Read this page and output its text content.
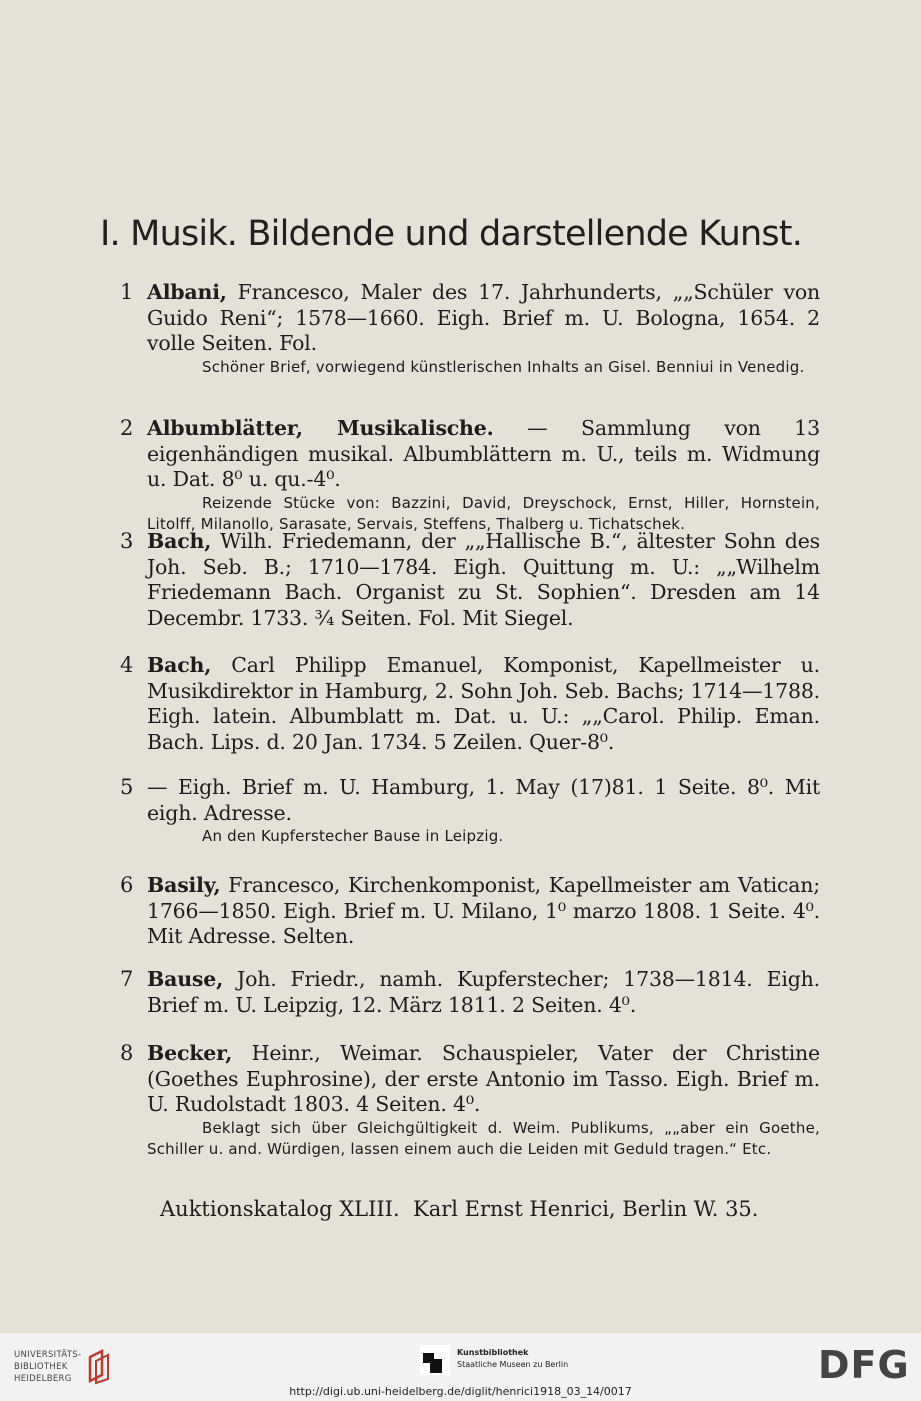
I. Musik. Bildende und darstellende Kunst.
1 Albani, Francesco, Maler des 17. Jahrhunderts, „„Schüler von Guido Reni“; 1578—1660. Eigh. Brief m. U. Bologna, 1654. 2 volle Seiten. Fol.
Schöner Brief, vorwiegend künstlerischen Inhalts an Gisel. Benniui in Venedig.
2 Albumblätter, Musikalische. — Sammlung von 13 eigenhändigen musikal. Albumblättern m. U., teils m. Widmung u. Dat. 8⁰ u. qu.-4⁰.
Reizende Stücke von: Bazzini, David, Dreyschock, Ernst, Hiller, Hornstein, Litolff, Milanollo, Sarasate, Servais, Steffens, Thalberg u. Tichatschek.
3 Bach, Wilh. Friedemann, der „„Hallische B.“, ältester Sohn des Joh. Seb. B.; 1710—1784. Eigh. Quittung m. U.: „„Wilhelm Friedemann Bach. Organist zu St. Sophien“. Dresden am 14 Decembr. 1733. ¾ Seiten. Fol. Mit Siegel.
4 Bach, Carl Philipp Emanuel, Komponist, Kapellmeister u. Musikdirektor in Hamburg, 2. Sohn Joh. Seb. Bachs; 1714—1788. Eigh. latein. Albumblatt m. Dat. u. U.: „„Carol. Philip. Eman. Bach. Lips. d. 20 Jan. 1734. 5 Zeilen. Quer-8⁰.
5 — Eigh. Brief m. U. Hamburg, 1. May (17)81. 1 Seite. 8⁰. Mit eigh. Adresse.
An den Kupferstecher Bause in Leipzig.
6 Basily, Francesco, Kirchenkomponist, Kapellmeister am Vatican; 1766—1850. Eigh. Brief m. U. Milano, 1⁰ marzo 1808. 1 Seite. 4⁰. Mit Adresse. Selten.
7 Bause, Joh. Friedr., namh. Kupferstecher; 1738—1814. Eigh. Brief m. U. Leipzig, 12. März 1811. 2 Seiten. 4⁰.
8 Becker, Heinr., Weimar. Schauspieler, Vater der Christine (Goethes Euphrosine), der erste Antonio im Tasso. Eigh. Brief m. U. Rudolstadt 1803. 4 Seiten. 4⁰.
Beklagt sich über Gleichgültigkeit d. Weim. Publikums, „„aber ein Goethe, Schiller u. and. Würdigen, lassen einem auch die Leiden mit Geduld tragen.“ Etc.
Auktionskatalog XLIII.  Karl Ernst Henrici, Berlin W. 35.
UNIVERSITÄTS-
BIBLIOTHEK
HEIDELBERG
Kunstbibliothek
Staatliche Museen zu Berlin	DFG
http://digi.ub.uni-heidelberg.de/diglit/henrici1918_03_14/0017
